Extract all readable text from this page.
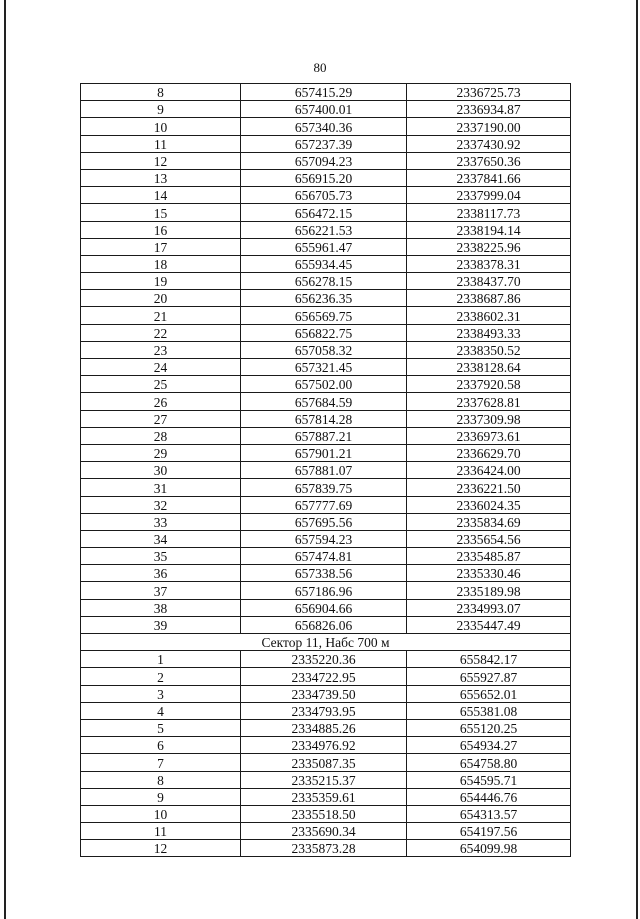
80
8	657415.29	2336725.73
9	657400.01	2336934.87
10	657340.36	2337190.00
11	657237.39	2337430.92
12	657094.23	2337650.36
13	656915.20	2337841.66
14	656705.73	2337999.04
15	656472.15	2338117.73
16	656221.53	2338194.14
17	655961.47	2338225.96
18	655934.45	2338378.31
19	656278.15	2338437.70
20	656236.35	2338687.86
21	656569.75	2338602.31
22	656822.75	2338493.33
23	657058.32	2338350.52
24	657321.45	2338128.64
25	657502.00	2337920.58
26	657684.59	2337628.81
27	657814.28	2337309.98
28	657887.21	2336973.61
29	657901.21	2336629.70
30	657881.07	2336424.00
31	657839.75	2336221.50
32	657777.69	2336024.35
33	657695.56	2335834.69
34	657594.23	2335654.56
35	657474.81	2335485.87
36	657338.56	2335330.46
37	657186.96	2335189.98
38	656904.66	2334993.07
39	656826.06	2335447.49
Сектор 11, Набс 700 м		
1	2335220.36	655842.17
2	2334722.95	655927.87
3	2334739.50	655652.01
4	2334793.95	655381.08
5	2334885.26	655120.25
6	2334976.92	654934.27
7	2335087.35	654758.80
8	2335215.37	654595.71
9	2335359.61	654446.76
10	2335518.50	654313.57
11	2335690.34	654197.56
12	2335873.28	654099.98
